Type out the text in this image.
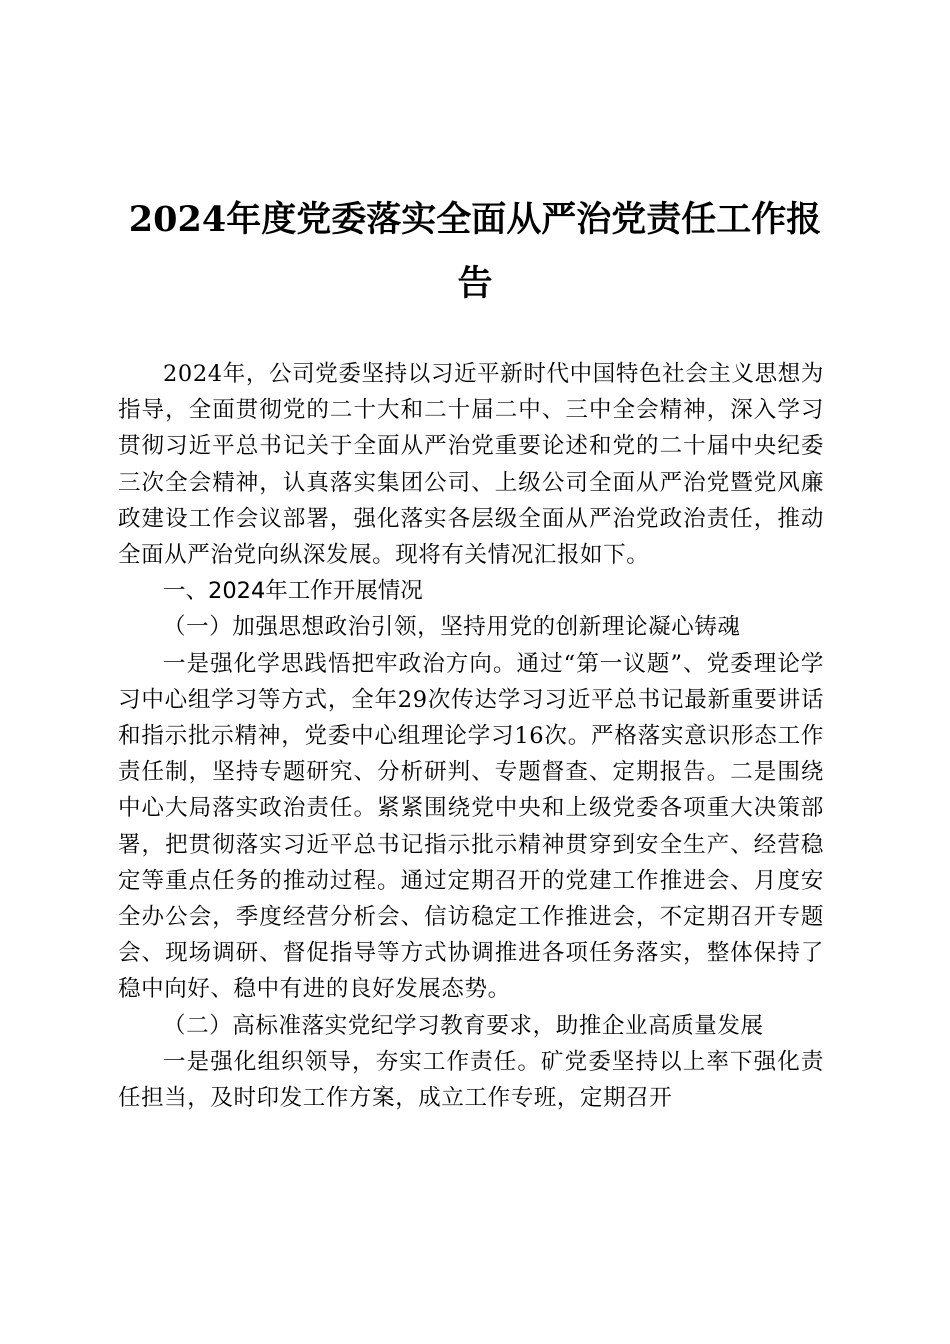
2024年度党委落实全面从严治党责任工作报告

2024年，公司党委坚持以习近平新时代中国特色社会主义思想为指导，全面贯彻党的二十大和二十届二中、三中全会精神，深入学习贯彻习近平总书记关于全面从严治党重要论述和党的二十届中央纪委三次全会精神，认真落实集团公司、上级公司全面从严治党暨党风廉政建设工作会议部署，强化落实各层级全面从严治党政治责任，推动全面从严治党向纵深发展。现将有关情况汇报如下。

一、2024年工作开展情况

（一）加强思想政治引领，坚持用党的创新理论凝心铸魂

一是强化学思践悟把牢政治方向。通过“第一议题”、党委理论学习中心组学习等方式，全年29次传达学习习近平总书记最新重要讲话和指示批示精神，党委中心组理论学习16次。严格落实意识形态工作责任制，坚持专题研究、分析研判、专题督查、定期报告。二是围绕中心大局落实政治责任。紧紧围绕党中央和上级党委各项重大决策部署，把贯彻落实习近平总书记指示批示精神贯穿到安全生产、经营稳定等重点任务的推动过程。通过定期召开的党建工作推进会、月度安全办公会，季度经营分析会、信访稳定工作推进会，不定期召开专题会、现场调研、督促指导等方式协调推进各项任务落实，整体保持了稳中向好、稳中有进的良好发展态势。

（二）高标准落实党纪学习教育要求，助推企业高质量发展

一是强化组织领导，夯实工作责任。矿党委坚持以上率下强化责任担当，及时印发工作方案，成立工作专班，定期召开
